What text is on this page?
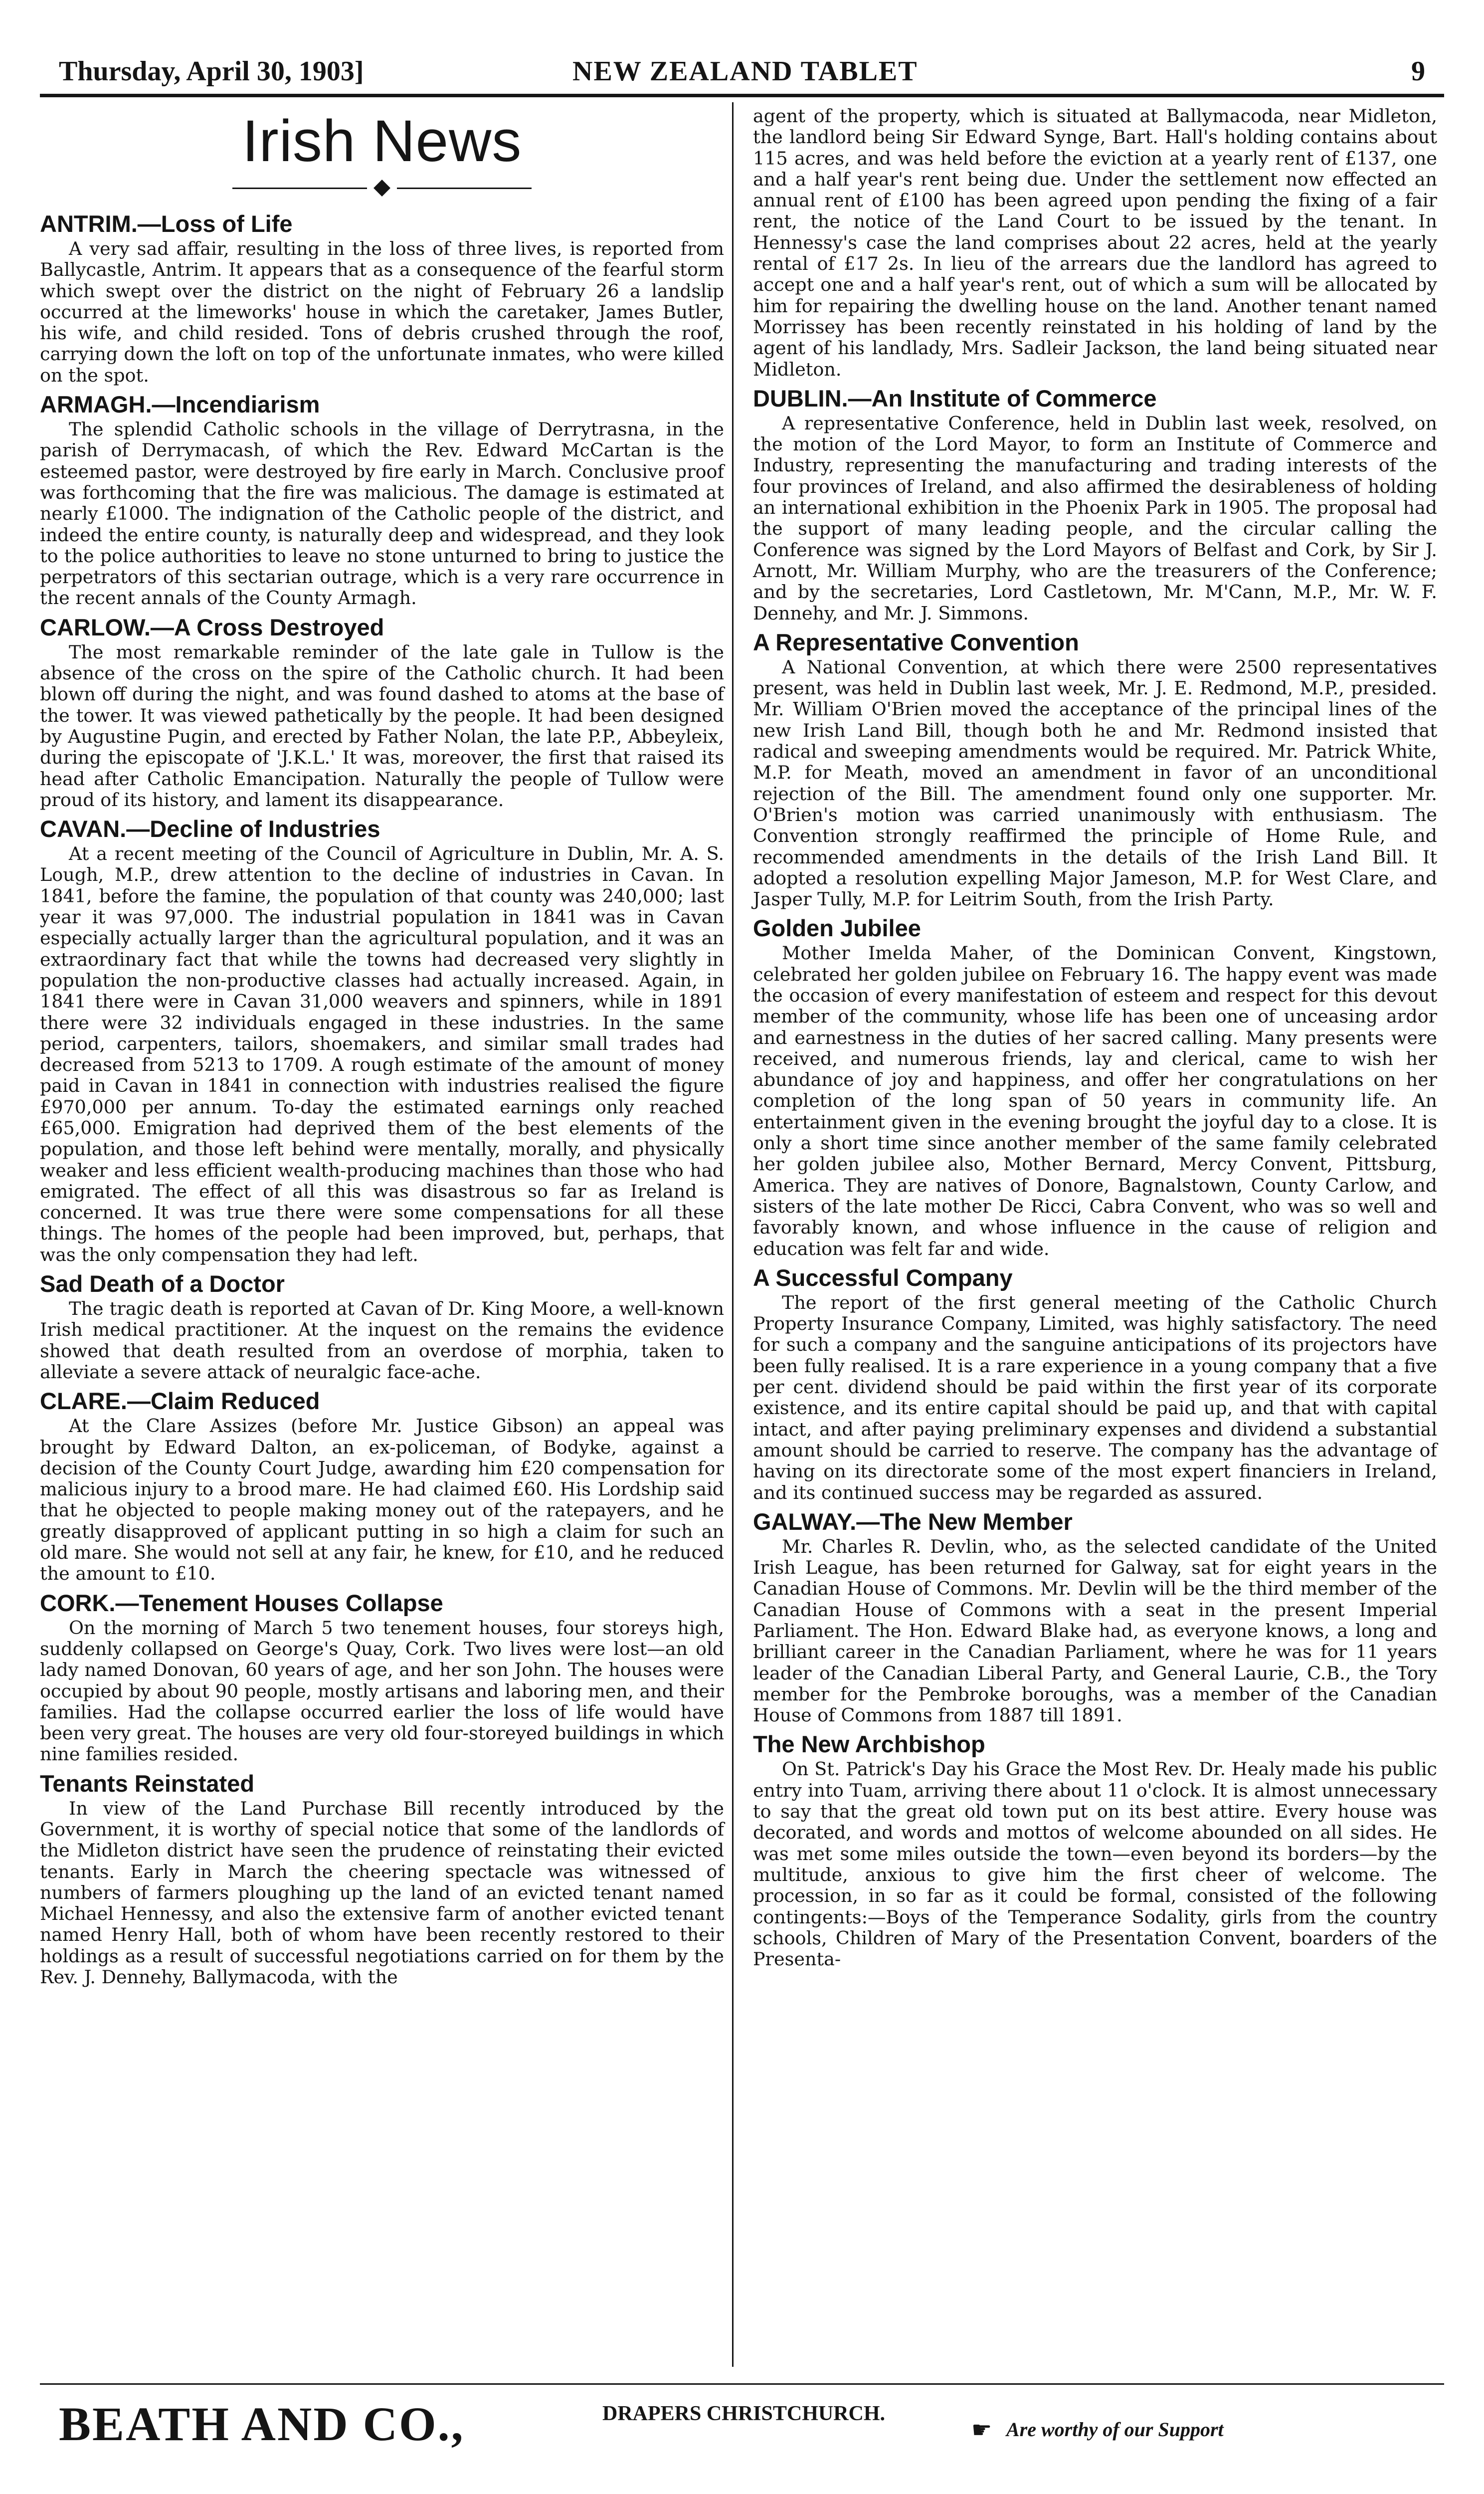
Thursday, April 30, 1903]	NEW ZEALAND TABLET	9
Irish News
ANTRIM.—Loss of Life

A very sad affair, resulting in the loss of three lives, is reported from Ballycastle, Antrim. It appears that as a consequence of the fearful storm which swept over the district on the night of February 26 a landslip occurred at the limeworks' house in which the caretaker, James Butler, his wife, and child resided. Tons of debris crushed through the roof, carrying down the loft on top of the unfortunate inmates, who were killed on the spot.

ARMAGH.—Incendiarism

The splendid Catholic schools in the village of Derrytrasna, in the parish of Derrymacash, of which the Rev. Edward McCartan is the esteemed pastor, were destroyed by fire early in March. Conclusive proof was forthcoming that the fire was malicious. The damage is estimated at nearly £1000. The indignation of the Catholic people of the district, and indeed the entire county, is naturally deep and widespread, and they look to the police authorities to leave no stone unturned to bring to justice the perpetrators of this sectarian outrage, which is a very rare occurrence in the recent annals of the County Armagh.

CARLOW.—A Cross Destroyed

The most remarkable reminder of the late gale in Tullow is the absence of the cross on the spire of the Catholic church. It had been blown off during the night, and was found dashed to atoms at the base of the tower. It was viewed pathetically by the people. It had been designed by Augustine Pugin, and erected by Father Nolan, the late P.P., Abbeyleix, during the episcopate of 'J.K.L.' It was, moreover, the first that raised its head after Catholic Emancipation. Naturally the people of Tullow were proud of its history, and lament its disappearance.

CAVAN.—Decline of Industries

At a recent meeting of the Council of Agriculture in Dublin, Mr. A. S. Lough, M.P., drew attention to the decline of industries in Cavan. In 1841, before the famine, the population of that county was 240,000; last year it was 97,000. The industrial population in 1841 was in Cavan especially actually larger than the agricultural population, and it was an extraordinary fact that while the towns had decreased very slightly in population the non-productive classes had actually increased. Again, in 1841 there were in Cavan 31,000 weavers and spinners, while in 1891 there were 32 individuals engaged in these industries. In the same period, carpenters, tailors, shoemakers, and similar small trades had decreased from 5213 to 1709. A rough estimate of the amount of money paid in Cavan in 1841 in connection with industries realised the figure £970,000 per annum. To-day the estimated earnings only reached £65,000. Emigration had deprived them of the best elements of the population, and those left behind were mentally, morally, and physically weaker and less efficient wealth-producing machines than those who had emigrated. The effect of all this was disastrous so far as Ireland is concerned. It was true there were some compensations for all these things. The homes of the people had been improved, but, perhaps, that was the only compensation they had left.

Sad Death of a Doctor

The tragic death is reported at Cavan of Dr. King Moore, a well-known Irish medical practitioner. At the inquest on the remains the evidence showed that death resulted from an overdose of morphia, taken to alleviate a severe attack of neuralgic face-ache.

CLARE.—Claim Reduced

At the Clare Assizes (before Mr. Justice Gibson) an appeal was brought by Edward Dalton, an ex-policeman, of Bodyke, against a decision of the County Court Judge, awarding him £20 compensation for malicious injury to a brood mare. He had claimed £60. His Lordship said that he objected to people making money out of the ratepayers, and he greatly disapproved of applicant putting in so high a claim for such an old mare. She would not sell at any fair, he knew, for £10, and he reduced the amount to £10.

CORK.—Tenement Houses Collapse

On the morning of March 5 two tenement houses, four storeys high, suddenly collapsed on George's Quay, Cork. Two lives were lost—an old lady named Donovan, 60 years of age, and her son John. The houses were occupied by about 90 people, mostly artisans and laboring men, and their families. Had the collapse occurred earlier the loss of life would have been very great. The houses are very old four-storeyed buildings in which nine families resided.

Tenants Reinstated

In view of the Land Purchase Bill recently introduced by the Government, it is worthy of special notice that some of the landlords of the Midleton district have seen the prudence of reinstating their evicted tenants. Early in March the cheering spectacle was witnessed of numbers of farmers ploughing up the land of an evicted tenant named Michael Hennessy, and also the extensive farm of another evicted tenant named Henry Hall, both of whom have been recently restored to their holdings as a result of successful negotiations carried on for them by the Rev. J. Dennehy, Ballymacoda, with the

agent of the property, which is situated at Ballymacoda, near Midleton, the landlord being Sir Edward Synge, Bart. Hall's holding contains about 115 acres, and was held before the eviction at a yearly rent of £137, one and a half year's rent being due. Under the settlement now effected an annual rent of £100 has been agreed upon pending the fixing of a fair rent, the notice of the Land Court to be issued by the tenant. In Hennessy's case the land comprises about 22 acres, held at the yearly rental of £17 2s. In lieu of the arrears due the landlord has agreed to accept one and a half year's rent, out of which a sum will be allocated by him for repairing the dwelling house on the land. Another tenant named Morrissey has been recently reinstated in his holding of land by the agent of his landlady, Mrs. Sadleir Jackson, the land being situated near Midleton.

DUBLIN.—An Institute of Commerce

A representative Conference, held in Dublin last week, resolved, on the motion of the Lord Mayor, to form an Institute of Commerce and Industry, representing the manufacturing and trading interests of the four provinces of Ireland, and also affirmed the desirableness of holding an international exhibition in the Phoenix Park in 1905. The proposal had the support of many leading people, and the circular calling the Conference was signed by the Lord Mayors of Belfast and Cork, by Sir J. Arnott, Mr. William Murphy, who are the treasurers of the Conference; and by the secretaries, Lord Castletown, Mr. M'Cann, M.P., Mr. W. F. Dennehy, and Mr. J. Simmons.

A Representative Convention

A National Convention, at which there were 2500 representatives present, was held in Dublin last week, Mr. J. E. Redmond, M.P., presided. Mr. William O'Brien moved the acceptance of the principal lines of the new Irish Land Bill, though both he and Mr. Redmond insisted that radical and sweeping amendments would be required. Mr. Patrick White, M.P. for Meath, moved an amendment in favor of an unconditional rejection of the Bill. The amendment found only one supporter. Mr. O'Brien's motion was carried unanimously with enthusiasm. The Convention strongly reaffirmed the principle of Home Rule, and recommended amendments in the details of the Irish Land Bill. It adopted a resolution expelling Major Jameson, M.P. for West Clare, and Jasper Tully, M.P. for Leitrim South, from the Irish Party.

Golden Jubilee

Mother Imelda Maher, of the Dominican Convent, Kingstown, celebrated her golden jubilee on February 16. The happy event was made the occasion of every manifestation of esteem and respect for this devout member of the community, whose life has been one of unceasing ardor and earnestness in the duties of her sacred calling. Many presents were received, and numerous friends, lay and clerical, came to wish her abundance of joy and happiness, and offer her congratulations on her completion of the long span of 50 years in community life. An entertainment given in the evening brought the joyful day to a close. It is only a short time since another member of the same family celebrated her golden jubilee also, Mother Bernard, Mercy Convent, Pittsburg, America. They are natives of Donore, Bagnalstown, County Carlow, and sisters of the late mother De Ricci, Cabra Convent, who was so well and favorably known, and whose influence in the cause of religion and education was felt far and wide.

A Successful Company

The report of the first general meeting of the Catholic Church Property Insurance Company, Limited, was highly satisfactory. The need for such a company and the sanguine anticipations of its projectors have been fully realised. It is a rare experience in a young company that a five per cent. dividend should be paid within the first year of its corporate existence, and its entire capital should be paid up, and that with capital intact, and after paying preliminary expenses and dividend a substantial amount should be carried to reserve. The company has the advantage of having on its directorate some of the most expert financiers in Ireland, and its continued success may be regarded as assured.

GALWAY.—The New Member

Mr. Charles R. Devlin, who, as the selected candidate of the United Irish League, has been returned for Galway, sat for eight years in the Canadian House of Commons. Mr. Devlin will be the third member of the Canadian House of Commons with a seat in the present Imperial Parliament. The Hon. Edward Blake had, as everyone knows, a long and brilliant career in the Canadian Parliament, where he was for 11 years leader of the Canadian Liberal Party, and General Laurie, C.B., the Tory member for the Pembroke boroughs, was a member of the Canadian House of Commons from 1887 till 1891.

The New Archbishop

On St. Patrick's Day his Grace the Most Rev. Dr. Healy made his public entry into Tuam, arriving there about 11 o'clock. It is almost unnecessary to say that the great old town put on its best attire. Every house was decorated, and words and mottos of welcome abounded on all sides. He was met some miles outside the town—even beyond its borders—by the multitude, anxious to give him the first cheer of welcome. The procession, in so far as it could be formal, consisted of the following contingents:—Boys of the Temperance Sodality, girls from the country schools, Children of Mary of the Presentation Convent, boarders of the Presenta-

BEATH AND CO.,	DRAPERS CHRISTCHURCH.
☛ Are worthy of our Support
